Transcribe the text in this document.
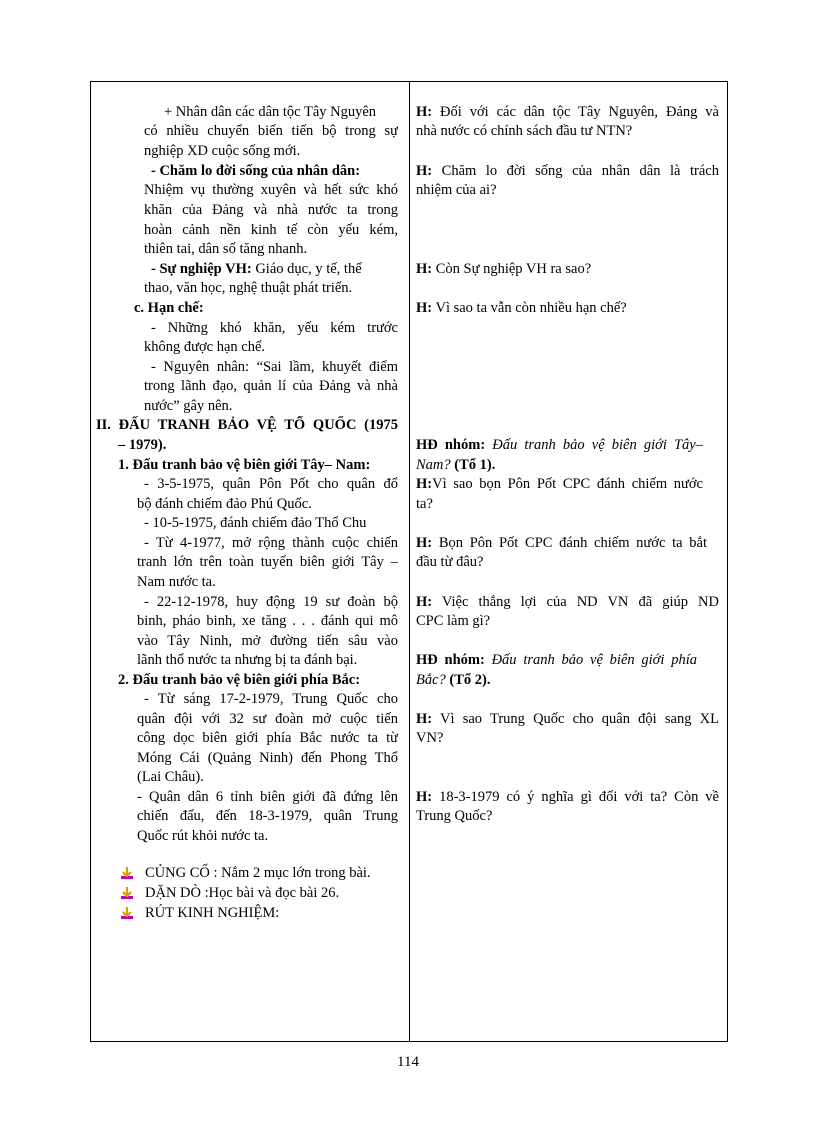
+ Nhân dân các dân tộc Tây Nguyên
có nhiều chuyển biến tiến bộ trong sự
nghiệp XD cuộc sống mới.
- Chăm lo đời sống của nhân dân:
Nhiệm vụ thường xuyên và hết sức khó
khăn của Đảng và nhà nước ta trong
hoàn cảnh nền kinh tế còn yếu kém,
thiên tai, dân số tăng nhanh.
- Sự nghiệp VH: Giáo dục, y tế, thể
thao, văn học, nghệ thuật phát triển.
c. Hạn chế:
- Những khó khăn, yếu kém trước
không được hạn chế.
- Nguyên nhân: “Sai lầm, khuyết điểm
trong lãnh đạo, quản lí của Đảng và nhà
nước” gây nên.
II. ĐẤU TRANH BẢO VỆ TỔ QUỐC (1975
– 1979).
1. Đấu tranh bảo vệ biên giới Tây– Nam:
- 3-5-1975, quân Pôn Pốt cho quân đổ
bộ đánh chiếm đảo Phú Quốc.
- 10-5-1975, đánh chiếm đảo Thổ Chu
- Từ 4-1977, mở rộng thành cuộc chiến
tranh lớn trên toàn tuyến biên giới Tây –
Nam nước ta.
- 22-12-1978, huy động 19 sư đoàn bộ
binh, pháo binh, xe tăng . . . đánh qui mô
vào Tây Ninh, mở đường tiến sâu vào
lãnh thổ nước ta nhưng bị ta đánh bại.
2. Đấu tranh bảo vệ biên giới phía Bắc:
- Từ sáng 17-2-1979, Trung Quốc cho
quân đội với 32 sư đoàn mở cuộc tiến
công dọc biên giới phía Bắc nước ta từ
Móng Cái (Quảng Ninh) đến Phong Thổ
(Lai Châu).
- Quân dân 6 tỉnh biên giới đã đứng lên
chiến đấu, đến 18-3-1979, quân Trung
Quốc rút khỏi nước ta.
CỦNG CỐ : Nắm 2 mục lớn trong bài.
DẶN DÒ :Học bài và đọc bài 26.
RÚT KINH NGHIỆM:
H: Đối với các dân tộc Tây Nguyên, Đảng và
nhà nước có chính sách đầu tư NTN?
H: Chăm lo đời sống của nhân dân là trách
nhiệm của ai?
H: Còn Sự nghiệp VH ra sao?
H: Vì sao ta vẫn còn nhiều hạn chế?
HĐ nhóm: Đấu tranh bảo vệ biên giới Tây–
Nam? (Tổ 1).
H:Vì sao bọn Pôn Pốt CPC đánh chiếm nước
ta?
H: Bọn Pôn Pốt CPC đánh chiếm nước ta bắt
đầu từ đâu?
H: Việc thắng lợi của ND VN đã giúp ND
CPC làm gì?
HĐ nhóm: Đấu tranh bảo vệ biên giới phía
Bắc? (Tổ 2).
H: Vì sao Trung Quốc cho quân đội sang XL
VN?
H: 18-3-1979 có ý nghĩa gì đối với ta? Còn về
Trung Quốc?
114
